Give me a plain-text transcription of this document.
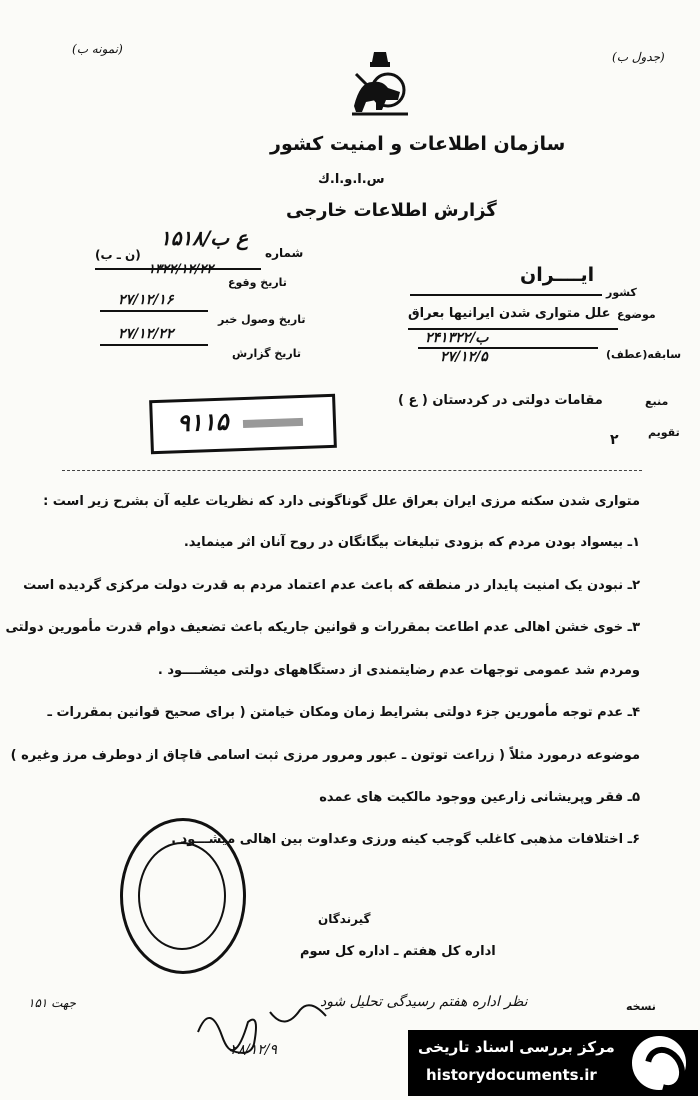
(نمونه ب)
(جدول ب)
سازمان اطلاعات و امنیت کشور
س.ا.و.ا.ك
گزارش اطلاعات خارجی
شماره
۱۵۱۸/ع ب
(ن ـ ب)
تاریخ وقوع
۱۳۲۲/۱۲/۲۲
۲۷/۱۲/۱۶
تاریخ وصول خبر
۲۷/۱۲/۲۲
تاریخ گزارش
کشور
ایــــران
موضوع
علل متواری شدن ایرانیها بعراق
۲۴ب/۱۳۲۲
۲۷/۱۲/۵	سابقه(عطف)
منبع
مقامات دولتی در کردستان ( ع )
تقویم
۲
۹۱۱۵
متواری شدن سکنه مرزی ایران بعراق علل گوناگونی دارد که نظریات علیه آن بشرح زیر است :
۱ـ بیسواد بودن مردم که بزودی تبلیغات بیگانگان در روح آنان اثر مینماید.
۲ـ نبودن یک امنیت پایدار در منطقه که باعث عدم اعتماد مردم به قدرت دولت مرکزی گردیده است
۳ـ خوی خشن اهالی عدم اطاعت بمقررات و قوانین جاریکه باعث تضعیف دوام قدرت مأمورین دولتی
ومردم شد عمومی توجهات عدم رضایتمندی از دستگاههای دولتی میشــــود .
۴ـ عدم توجه مأمورین جزء دولتی بشرایط زمان ومکان خیامتن ( برای صحیح قوانین بمقررات ـ
موضوعه درمورد مثلاً ( زراعت توتون ـ عبور ومرور مرزی ثبت اسامی قاچاق از دوطرف مرز وغیره )
۵ـ فقر وپریشانی زارعین ووجود مالکیت های عمده
۶ـ اختلافات مذهبی کاغلب گوجب کینه ورزی وعداوت بین اهالی میشـــود .
گیرندگان
اداره کل هفتم ـ اداره کل سوم
نسخه
نظر اداره هفتم رسیدگی تحلیل شود
۲۸/۱۲/۹
جهت ۱۵۱
مرکز بررسی اسناد تاریخی
historydocuments.ir
